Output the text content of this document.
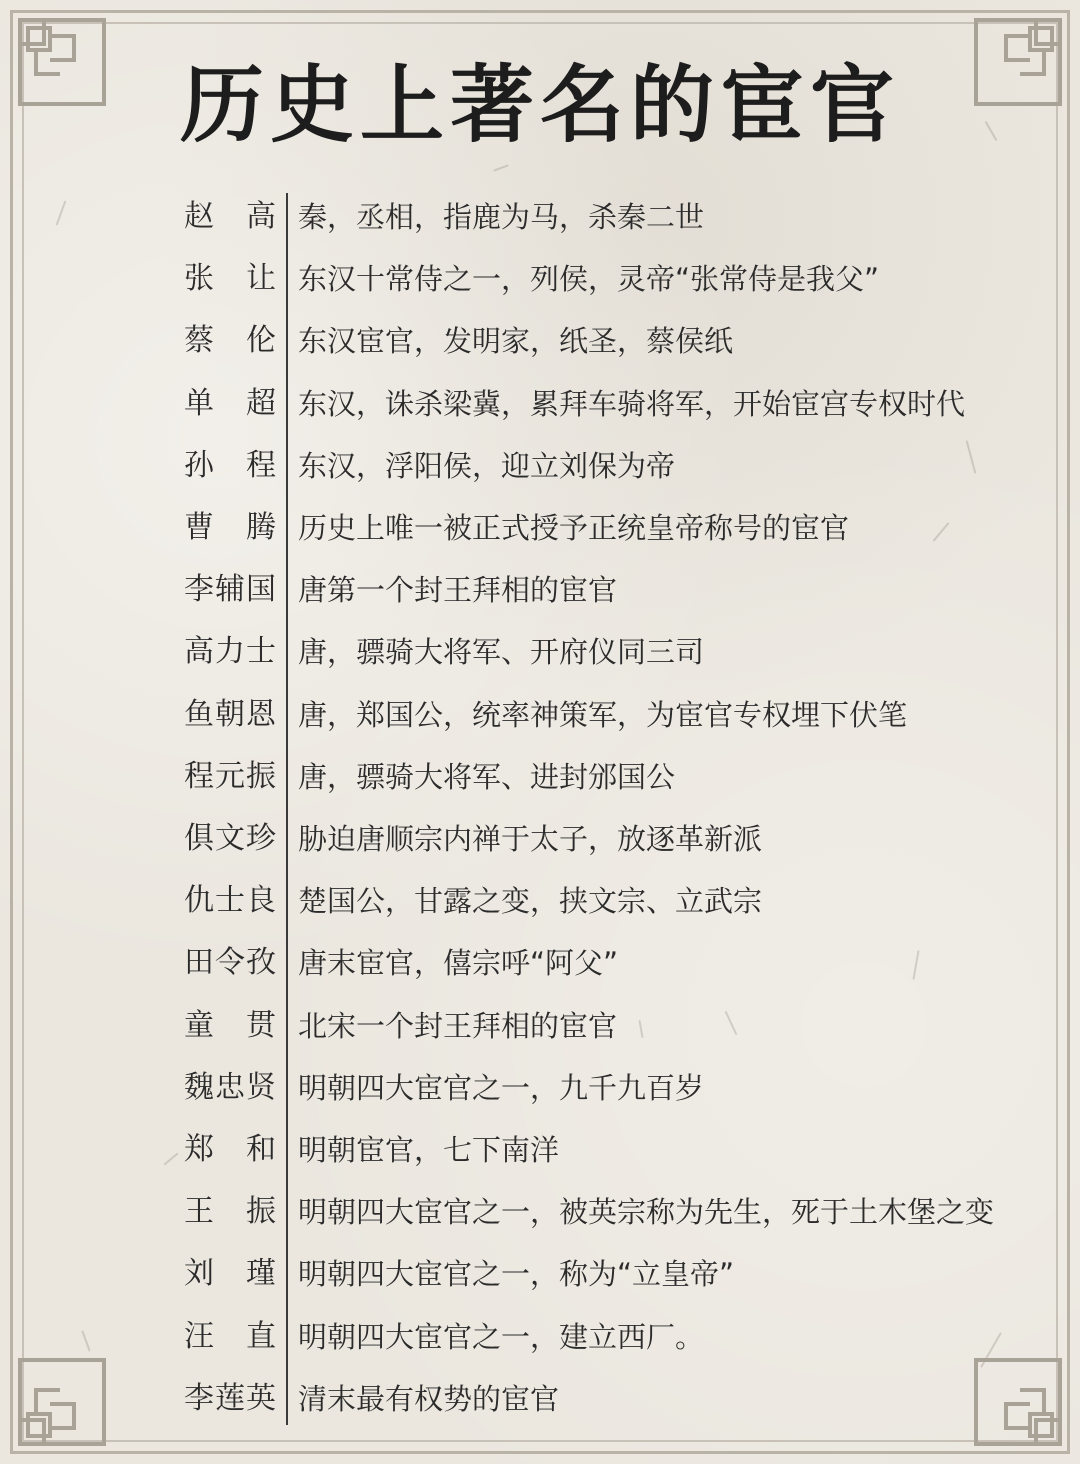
历史上著名的宦官
赵 高 秦，丞相，指鹿为马，杀秦二世
张 让 东汉十常侍之一，列侯，灵帝“张常侍是我父”
蔡 伦 东汉宦官，发明家，纸圣，蔡侯纸
单 超 东汉，诛杀梁冀，累拜车骑将军，开始宦宫专权时代
孙 程 东汉，浮阳侯，迎立刘保为帝
曹 腾 历史上唯一被正式授予正统皇帝称号的宦官
李 辅 国 唐第一个封王拜相的宦官
高 力 士 唐，骠骑大将军、开府仪同三司
鱼 朝 恩 唐，郑国公，统率神策军，为宦官专权埋下伏笔
程 元 振 唐，骠骑大将军、进封邠国公
俱 文 珍 胁迫唐顺宗内禅于太子，放逐革新派
仇 士 良 楚国公，甘露之变，挟文宗、立武宗
田 令 孜 唐末宦官，僖宗呼“阿父”
童 贯 北宋一个封王拜相的宦官
魏 忠 贤 明朝四大宦官之一，九千九百岁
郑 和 明朝宦官，七下南洋
王 振 明朝四大宦官之一，被英宗称为先生，死于土木堡之变
刘 瑾 明朝四大宦官之一，称为“立皇帝”
汪 直 明朝四大宦官之一，建立西厂。
李 莲 英 清末最有权势的宦官
